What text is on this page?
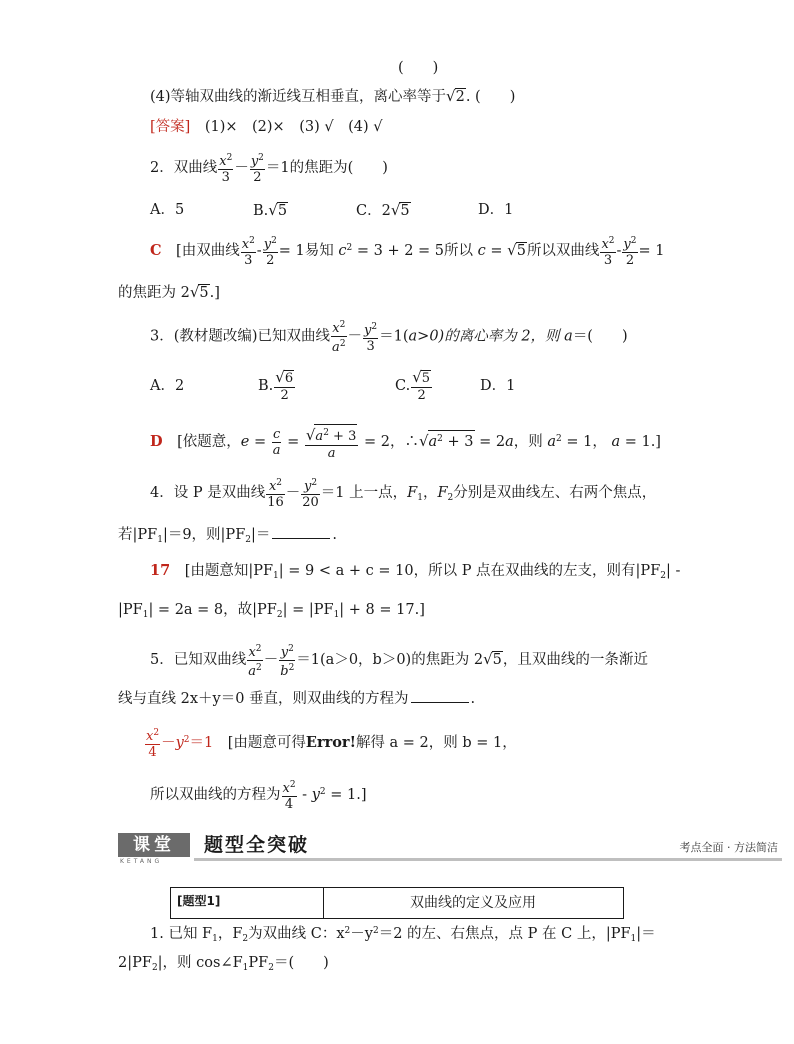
(　　)
(4)等轴双曲线的渐近线互相垂直，离心率等于√2. (　　)
[答案]　 (1)×　(2)×　(3) √　(4) √
2．双曲线 $\frac{x^2}{3} - \frac{y^2}{2} =1$的焦距为(　　)
A．5	B.√5	C．2√5	D．1
C　 [由双曲线 $\frac{x^2}{3} - \frac{y^2}{2} = 1$易知 $c^2 = 3 + 2 = 5$所以 c = √5所以双曲线 $\frac{x^2}{3} - \frac{y^2}{2} = 1$
的焦距为 2√5.]
3．(教材题改编)已知双曲线 $\frac{x^2}{a^2} - \frac{y^2}{3} =1(a>0)$的离心率为 2，则 a＝(　　)
A．2	B. $\frac{√6}{2}$	C. $\frac{√5}{2}$	D．1
D　 [依题意，$e = \frac{c}{a} = \frac{√a^2 + 3}{a} = 2$，$\therefore√a^2 + 3 = 2a$，则 $a^2 = 1$， a = 1.]
4．设 P 是双曲线 $\frac{x^2}{16} - \frac{y^2}{20} =1$ 上一点，$F_1$，$F_2$分别是双曲线左、右两个焦点，
若$|PF_1|=9$，则$|PF_2|=$	.
17　 [由题意知$|PF_1| = 9 < a + c = 10$，所以 P 点在双曲线的左支，则有$|PF_2|$ -
$|PF_1| = 2a = 8$，故$|PF_2| = |PF_1| + 8 = 17$.]
5．已知双曲线 $\frac{x^2}{a^2} - \frac{y^2}{b^2} =1(a>0$，b＞0)的焦距为 2√5，且双曲线的一条渐近
线与直线 2x＋y＝0 垂直，则双曲线的方程为	.
$\frac{x^2}{4} -y^2=1$　 [由题意可得Error!解得 a = 2，则 b = 1，
所以双曲线的方程为 $\frac{x^2}{4} - y^2 = 1$.]
课堂
KETANG
题型全突破	考点全面 · 方法简洁
[题型1]	双曲线的定义及应用
1. 已知 $F_1$，$F_2$为双曲线 C：$x^2-y^2=2$ 的左、右焦点，点 P 在 C 上，$|PF_1|=$
$2|PF_2|$，则 $\cos\angle F_1PF_2=$(　　)
